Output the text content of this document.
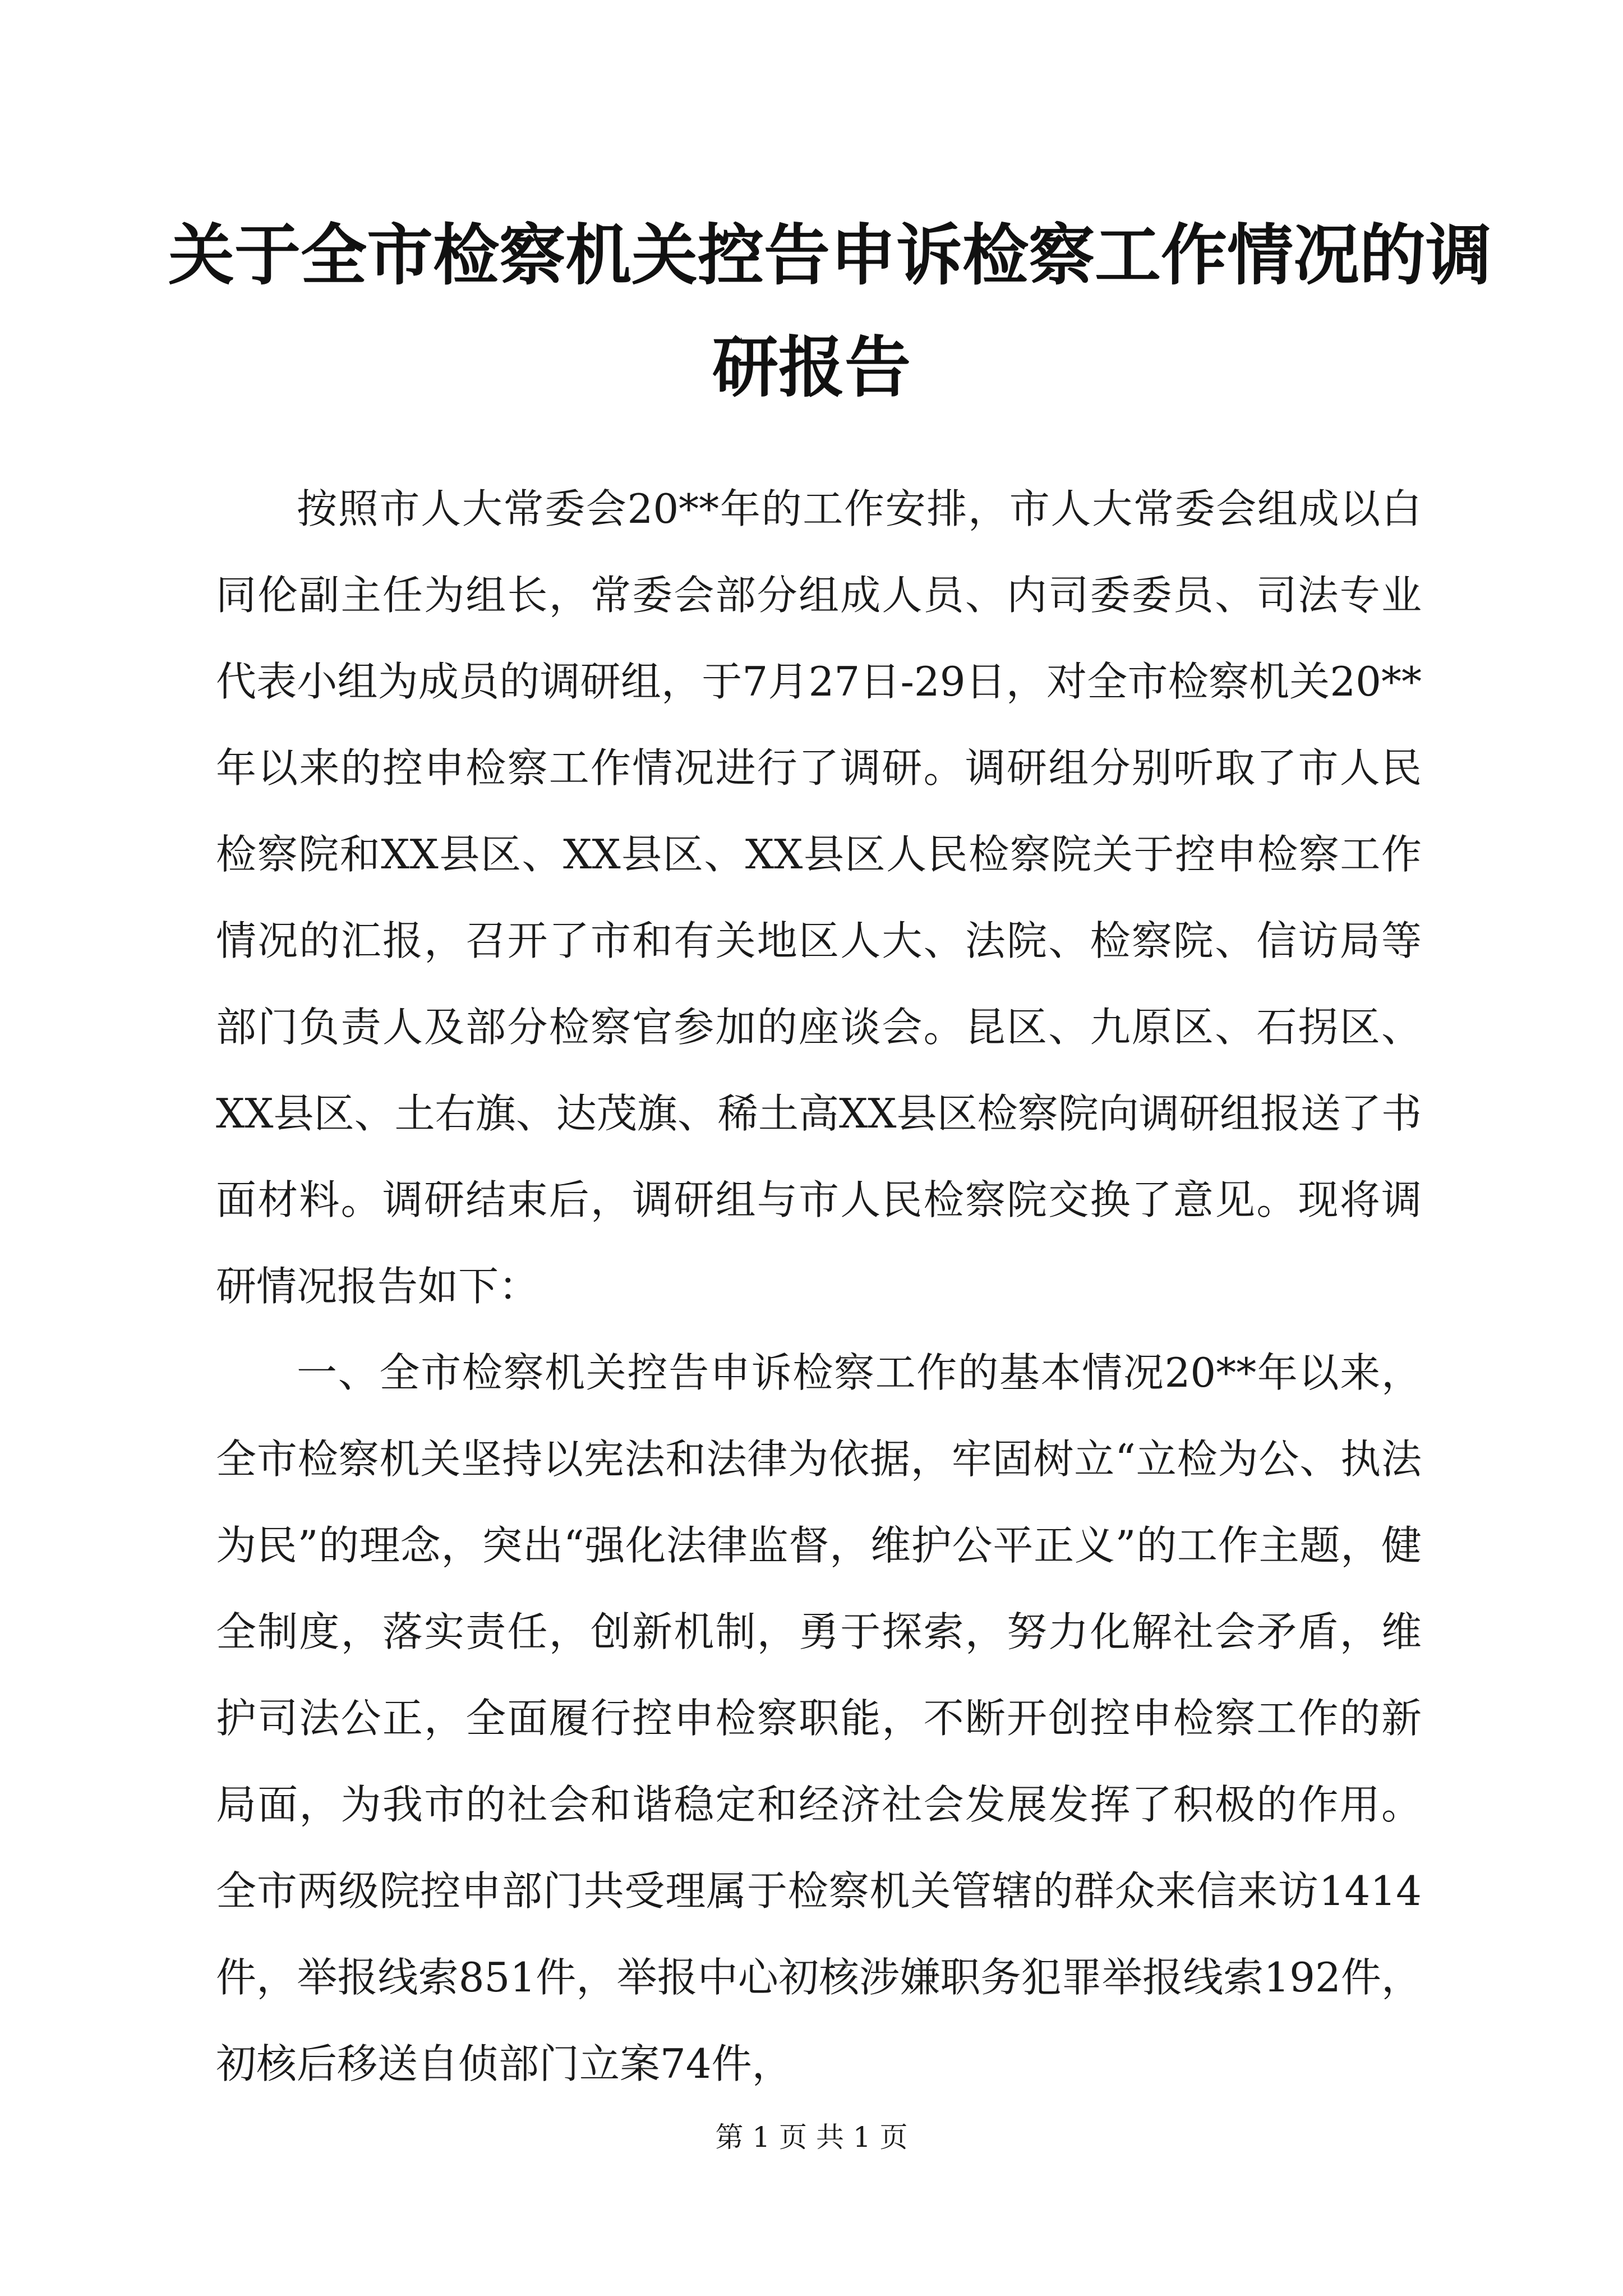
关于全市检察机关控告申诉检察工作情况的调
研报告

按照市人大常委会20**年的工作安排，市人大常委会组成以白同伦副主任为组长，常委会部分组成人员、内司委委员、司法专业代表小组为成员的调研组，于7月27日-29日，对全市检察机关20**年以来的控申检察工作情况进行了调研。调研组分别听取了市人民检察院和XX县区、XX县区、XX县区人民检察院关于控申检察工作情况的汇报，召开了市和有关地区人大、法院、检察院、信访局等部门负责人及部分检察官参加的座谈会。昆区、九原区、石拐区、XX县区、土右旗、达茂旗、稀土高XX县区检察院向调研组报送了书面材料。调研结束后，调研组与市人民检察院交换了意见。现将调研情况报告如下：

一、全市检察机关控告申诉检察工作的基本情况20**年以来，全市检察机关坚持以宪法和法律为依据，牢固树立“立检为公、执法为民”的理念，突出“强化法律监督，维护公平正义”的工作主题，健全制度，落实责任，创新机制，勇于探索，努力化解社会矛盾，维护司法公正，全面履行控申检察职能，不断开创控申检察工作的新局面，为我市的社会和谐稳定和经济社会发展发挥了积极的作用。全市两级院控申部门共受理属于检察机关管辖的群众来信来访1414件，举报线索851件，举报中心初核涉嫌职务犯罪举报线索192件，初核后移送自侦部门立案74件，

第 1 页 共 1 页
